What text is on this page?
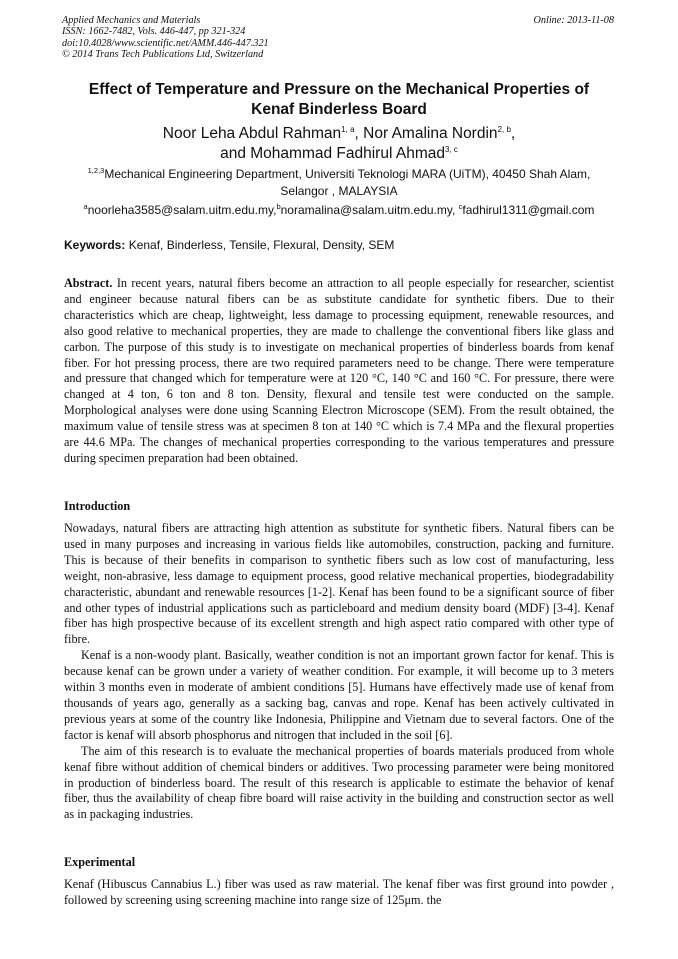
Applied Mechanics and Materials
ISSN: 1662-7482, Vols. 446-447, pp 321-324
doi:10.4028/www.scientific.net/AMM.446-447.321
© 2014 Trans Tech Publications Ltd, Switzerland
Online: 2013-11-08
Effect of Temperature and Pressure on the Mechanical Properties of
Kenaf Binderless Board
Noor Leha Abdul Rahman$^{1, a}$, Nor Amalina Nordin$^{2, b}$,
and Mohammad Fadhirul Ahmad$^{3, c}$
$^{1,2,3}$Mechanical Engineering Department, Universiti Teknologi MARA (UiTM), 40450 Shah Alam,
Selangor , MALAYSIA
$^a$noorleha3585@salam.uitm.edu.my,$^b$noramalina@salam.uitm.edu.my, $^c$fadhirul1311@gmail.com
Keywords: Kenaf, Binderless, Tensile, Flexural, Density, SEM

Abstract. In recent years, natural fibers become an attraction to all people especially for researcher, scientist and engineer because natural fibers can be as substitute candidate for synthetic fibers. Due to their characteristics which are cheap, lightweight, less damage to processing equipment, renewable resources, and also good relative to mechanical properties, they are made to challenge the conventional fibers like glass and carbon. The purpose of this study is to investigate on mechanical properties of binderless boards from kenaf fiber. For hot pressing process, there are two required parameters need to be change. There were temperature and pressure that changed which for temperature were at 120 °C, 140 °C and 160 °C. For pressure, there were changed at 4 ton, 6 ton and 8 ton. Density, flexural and tensile test were conducted on the sample. Morphological analyses were done using Scanning Electron Microscope (SEM). From the result obtained, the maximum value of tensile stress was at specimen 8 ton at 140 °C which is 7.4 MPa and the flexural properties are 44.6 MPa. The changes of mechanical properties corresponding to the various temperatures and pressure during specimen preparation had been obtained.

Introduction

Nowadays, natural fibers are attracting high attention as substitute for synthetic fibers. Natural fibers can be used in many purposes and increasing in various fields like automobiles, construction, packing and furniture. This is because of their benefits in comparison to synthetic fibers such as low cost of manufacturing, less weight, non-abrasive, less damage to equipment process, good relative mechanical properties, biodegradability characteristic, abundant and renewable resources [1-2]. Kenaf has been found to be a significant source of fiber and other types of industrial applications such as particleboard and medium density board (MDF) [3-4]. Kenaf fiber has high prospective because of its excellent strength and high aspect ratio compared with other type of fibre.

Kenaf is a non-woody plant. Basically, weather condition is not an important grown factor for kenaf. This is because kenaf can be grown under a variety of weather condition. For example, it will become up to 3 meters within 3 months even in moderate of ambient conditions [5]. Humans have effectively made use of kenaf from thousands of years ago, generally as a sacking bag, canvas and rope. Kenaf has been actively cultivated in previous years at some of the country like Indonesia, Philippine and Vietnam due to several factors. One of the factor is kenaf will absorb phosphorus and nitrogen that included in the soil [6].

The aim of this research is to evaluate the mechanical properties of boards materials produced from whole kenaf fibre without addition of chemical binders or additives. Two processing parameter were being monitored in production of binderless board. The result of this research is applicable to estimate the behavior of kenaf fiber, thus the availability of cheap fibre board will raise activity in the building and construction sector as well as in packaging industries.

Experimental

Kenaf (Hibuscus Cannabius L.) fiber was used as raw material. The kenaf fiber was first ground into powder , followed by screening using screening machine into range size of 125μm. the
